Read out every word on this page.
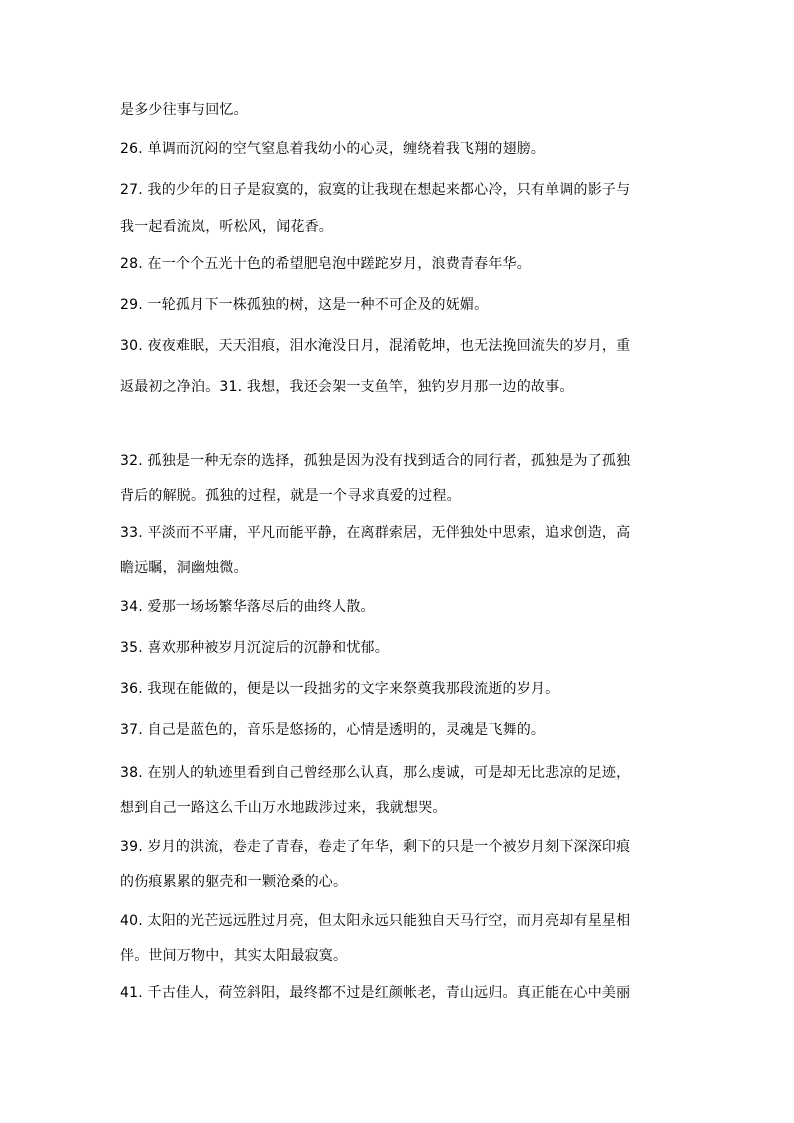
是多少往事与回忆。
26. 单调而沉闷的空气窒息着我幼小的心灵，缠绕着我飞翔的翅膀。
27. 我的少年的日子是寂寞的，寂寞的让我现在想起来都心冷，只有单调的影子与
我一起看流岚，听松风，闻花香。
28. 在一个个五光十色的希望肥皂泡中蹉跎岁月，浪费青春年华。
29. 一轮孤月下一株孤独的树，这是一种不可企及的妩媚。
30. 夜夜难眠，天天泪痕，泪水淹没日月，混淆乾坤，也无法挽回流失的岁月，重
返最初之净泊。31. 我想，我还会架一支鱼竿，独钓岁月那一边的故事。
32. 孤独是一种无奈的选择，孤独是因为没有找到适合的同行者，孤独是为了孤独
背后的解脱。孤独的过程，就是一个寻求真爱的过程。
33. 平淡而不平庸，平凡而能平静，在离群索居，无伴独处中思索，追求创造，高
瞻远瞩，洞幽烛微。
34. 爱那一场场繁华落尽后的曲终人散。
35. 喜欢那种被岁月沉淀后的沉静和忧郁。
36. 我现在能做的，便是以一段拙劣的文字来祭奠我那段流逝的岁月。
37. 自己是蓝色的，音乐是悠扬的，心情是透明的，灵魂是飞舞的。
38. 在别人的轨迹里看到自己曾经那么认真，那么虔诚，可是却无比悲凉的足迹，
想到自己一路这么千山万水地跋涉过来，我就想哭。
39. 岁月的洪流，卷走了青春，卷走了年华，剩下的只是一个被岁月刻下深深印痕
的伤痕累累的躯壳和一颗沧桑的心。
40. 太阳的光芒远远胜过月亮，但太阳永远只能独自天马行空，而月亮却有星星相
伴。世间万物中，其实太阳最寂寞。
41. 千古佳人，荷笠斜阳，最终都不过是红颜帐老，青山远归。真正能在心中美丽
